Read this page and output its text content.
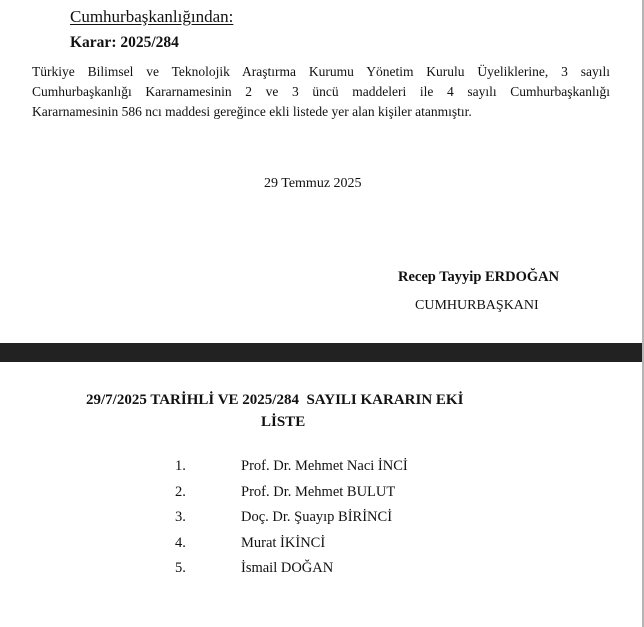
Cumhurbaşkanlığından:
Karar: 2025/284
Türkiye Bilimsel ve Teknolojik Araştırma Kurumu Yönetim Kurulu Üyeliklerine, 3 sayılı
Cumhurbaşkanlığı Kararnamesinin 2 ve 3 üncü maddeleri ile 4 sayılı Cumhurbaşkanlığı
Kararnamesinin 586 ncı maddesi gereğince ekli listede yer alan kişiler atanmıştır.
29 Temmuz 2025
Recep Tayyip ERDOĞAN
CUMHURBAŞKANI
29/7/2025 TARİHLİ VE 2025/284  SAYILI KARARIN EKİ
LİSTE
1.	Prof. Dr. Mehmet Naci İNCİ
2.	Prof. Dr. Mehmet BULUT
3.	Doç. Dr. Şuayıp BİRİNCİ
4.	Murat İKİNCİ
5.	İsmail DOĞAN
